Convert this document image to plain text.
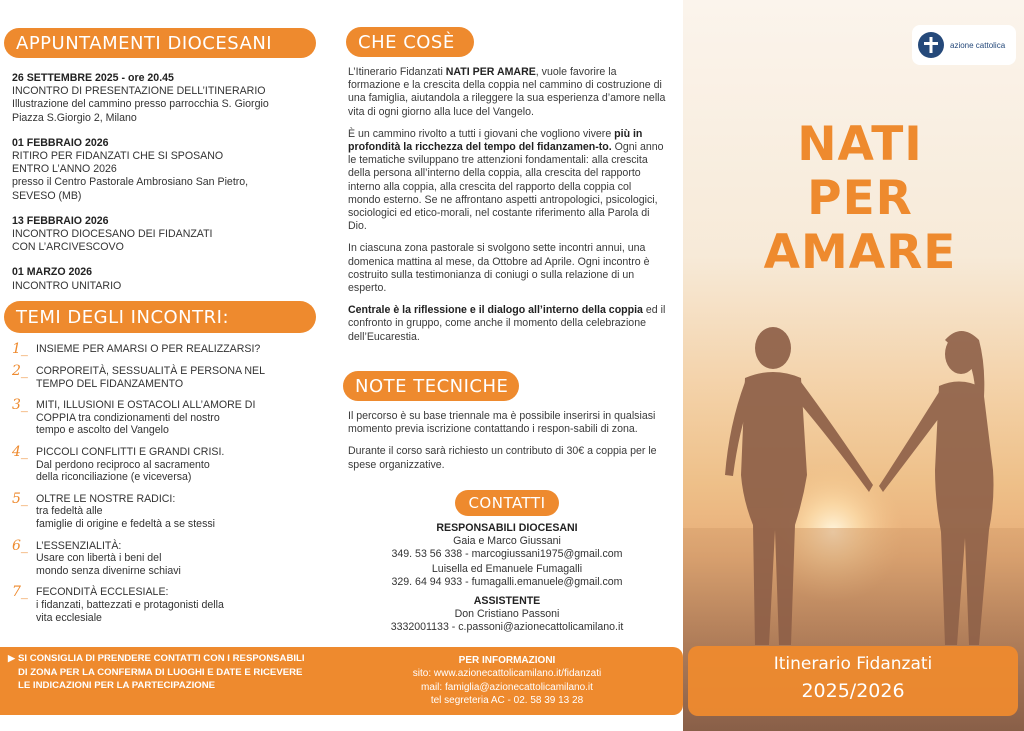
APPUNTAMENTI DIOCESANI
26 SETTEMBRE 2025 - ore 20.45
INCONTRO DI PRESENTAZIONE DELL’ITINERARIO
Illustrazione del cammino presso parrocchia S. Giorgio
Piazza S.Giorgio 2, Milano
01 FEBBRAIO 2026
RITIRO PER FIDANZATI CHE SI SPOSANO
ENTRO L’ANNO 2026
presso il Centro Pastorale Ambrosiano San Pietro,
SEVESO (MB)
13 FEBBRAIO 2026
INCONTRO DIOCESANO DEI FIDANZATI
CON L’ARCIVESCOVO
01 MARZO 2026
INCONTRO UNITARIO
TEMI DEGLI INCONTRI:
1_ INSIEME PER AMARSI O PER REALIZZARSI?
2_ CORPOREITÀ, SESSUALITÀ E PERSONA NEL
TEMPO DEL FIDANZAMENTO
3_ MITI, ILLUSIONI E OSTACOLI ALL’AMORE DI
COPPIA tra condizionamenti del nostro
tempo e ascolto del Vangelo
4_ PICCOLI CONFLITTI E GRANDI CRISI.
Dal perdono reciproco al sacramento
della riconciliazione (e viceversa)
5_ OLTRE LE NOSTRE RADICI:
tra fedeltà alle
famiglie di origine e fedeltà a se stessi
6_ L’ESSENZIALITÀ:
Usare con libertà i beni del
mondo senza divenirne schiavi
7_ FECONDITÀ ECCLESIALE:
i fidanzati, battezzati e protagonisti della
vita ecclesiale
CHE COSÈ

L’Itinerario Fidanzati NATI PER AMARE, vuole favorire la formazione e la crescita della coppia nel cammino di costruzione di una famiglia, aiutandola a rileggere la sua esperienza d’amore nella vita di ogni giorno alla luce del Vangelo.

È un cammino rivolto a tutti i giovani che vogliono vivere più in profondità la ricchezza del tempo del fidanzamen-to. Ogni anno le tematiche sviluppano tre attenzioni fondamentali: alla crescita della persona all’interno della coppia, alla crescita del rapporto interno alla coppia, alla crescita del rapporto della coppia col mondo esterno. Se ne affrontano aspetti antropologici, psicologici, sociologici ed etico-morali, nel costante riferimento alla Parola di Dio.

In ciascuna zona pastorale si svolgono sette incontri annui, una domenica mattina al mese, da Ottobre ad Aprile. Ogni incontro è costruito sulla testimonianza di coniugi o sulla relazione di un esperto.

Centrale è la riflessione e il dialogo all’interno della coppia ed il confronto in gruppo, come anche il momento della celebrazione dell’Eucarestia.

NOTE TECNICHE

Il percorso è su base triennale ma è possibile inserirsi in qualsiasi momento previa iscrizione contattando i respon-sabili di zona.

Durante il corso sarà richiesto un contributo di 30€ a coppia per le spese organizzative.

CONTATTI
RESPONSABILI DIOCESANI
Gaia e Marco Giussani
349. 53 56 338 - marcogiussani1975@gmail.com
Luisella ed Emanuele Fumagalli
329. 64 94 933 - fumagalli.emanuele@gmail.com
ASSISTENTE
Don Cristiano Passoni
3332001133 - c.passoni@azionecattolicamilano.it
▶ SI CONSIGLIA DI PRENDERE CONTATTI CON I RESPONSABILI DI ZONA PER LA CONFERMA DI LUOGHI E DATE E RICEVERE LE INDICAZIONI PER LA PARTECIPAZIONE
PER INFORMAZIONI
sito: www.azionecattolicamilano.it/fidanzati
mail: famiglia@azionecattolicamilano.it
tel segreteria AC - 02. 58 39 13 28
azione cattolica
NATI
PER
AMARE
Itinerario Fidanzati
2025/2026
